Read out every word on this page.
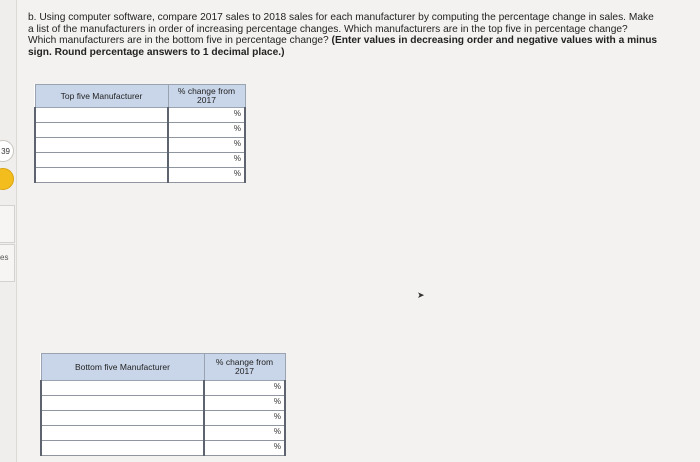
39
es
b. Using computer software, compare 2017 sales to 2018 sales for each manufacturer by computing the percentage change in sales. Make a list of the manufacturers in order of increasing percentage changes. Which manufacturers are in the top five in percentage change? Which manufacturers are in the bottom five in percentage change? (Enter values in decreasing order and negative values with a minus sign. Round percentage answers to 1 decimal place.)
Top five Manufacturer	% change from 2017

	%

	%

	%

	%

	%
➤
Bottom five Manufacturer	% change from 2017

	%

	%

	%

	%

	%
